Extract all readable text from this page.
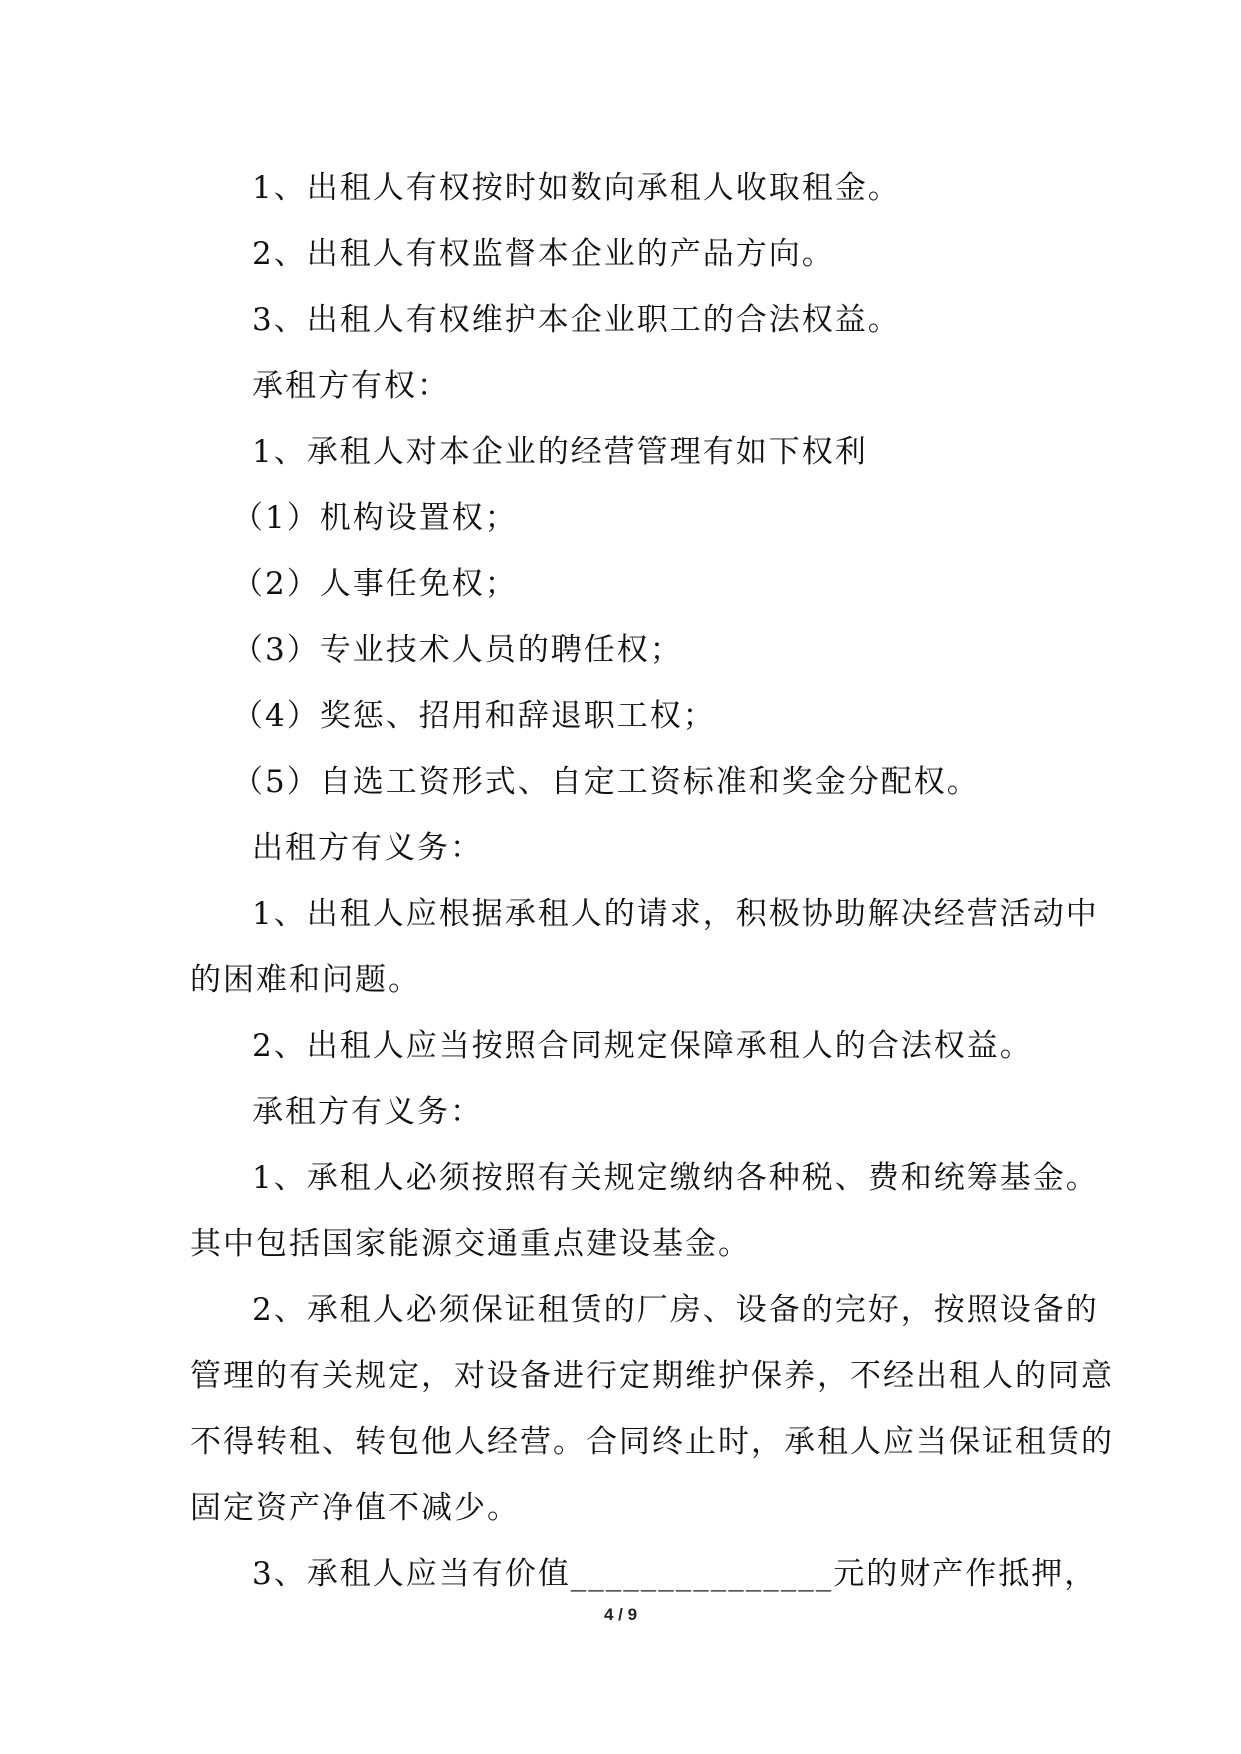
1、出租人有权按时如数向承租人收取租金。
2、出租人有权监督本企业的产品方向。
3、出租人有权维护本企业职工的合法权益。
承租方有权：
1、承租人对本企业的经营管理有如下权利
（1）机构设置权；
（2）人事任免权；
（3）专业技术人员的聘任权；
（4）奖惩、招用和辞退职工权；
（5）自选工资形式、自定工资标准和奖金分配权。
出租方有义务：
1、出租人应根据承租人的请求，积极协助解决经营活动中
的困难和问题。
2、出租人应当按照合同规定保障承租人的合法权益。
承租方有义务：
1、承租人必须按照有关规定缴纳各种税、费和统筹基金。
其中包括国家能源交通重点建设基金。
2、承租人必须保证租赁的厂房、设备的完好，按照设备的
管理的有关规定，对设备进行定期维护保养，不经出租人的同意
不得转租、转包他人经营。合同终止时，承租人应当保证租赁的
固定资产净值不减少。
3、承租人应当有价值_______________元的财产作抵押，
4 / 9
